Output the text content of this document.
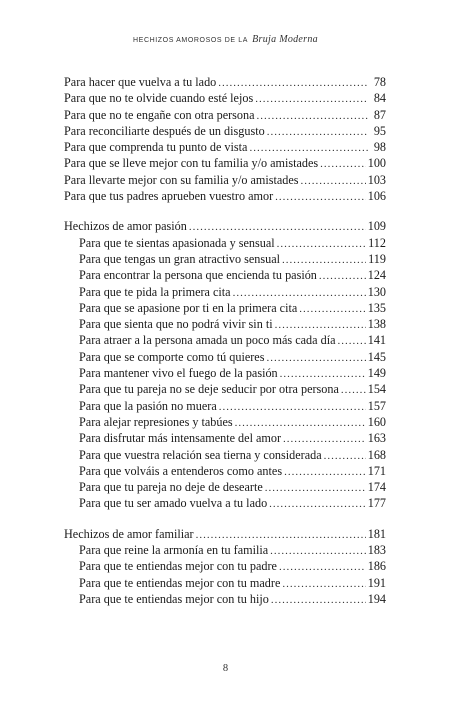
HECHIZOS AMOROSOS DE LA Bruja Moderna
Para hacer que vuelva a tu lado .....	78
Para que no te olvide cuando esté lejos .....	84
Para que no te engañe con otra persona .....	87
Para reconciliarte después de un disgusto .....	95
Para que comprenda tu punto de vista .....	98
Para que se lleve mejor con tu familia y/o amistades .....	100
Para llevarte mejor con su familia y/o amistades .....	103
Para que tus padres aprueben vuestro amor .....	106
Hechizos de amor pasión .....	109
Para que te sientas apasionada y sensual .....	112
Para que tengas un gran atractivo sensual .....	119
Para encontrar la persona que encienda tu pasión .....	124
Para que te pida la primera cita .....	130
Para que se apasione por ti en la primera cita .....	135
Para que sienta que no podrá vivir sin ti .....	138
Para atraer a la persona amada un poco más cada día .....	141
Para que se comporte como tú quieres .....	145
Para mantener vivo el fuego de la pasión .....	149
Para que tu pareja no se deje seducir por otra persona ..... 154
Para que la pasión no muera .....	157
Para alejar represiones y tabúes .....	160
Para disfrutar más intensamente del amor .....	163
Para que vuestra relación sea tierna y considerada .....	168
Para que volváis a entenderos como antes .....	171
Para que tu pareja no deje de desearte .....	174
Para que tu ser amado vuelva a tu lado .....	177
Hechizos de amor familiar .....	181
Para que reine la armonía en tu familia .....	183
Para que te entiendas mejor con tu padre .....	186
Para que te entiendas mejor con tu madre .....	191
Para que te entiendas mejor con tu hijo .....	194
8
